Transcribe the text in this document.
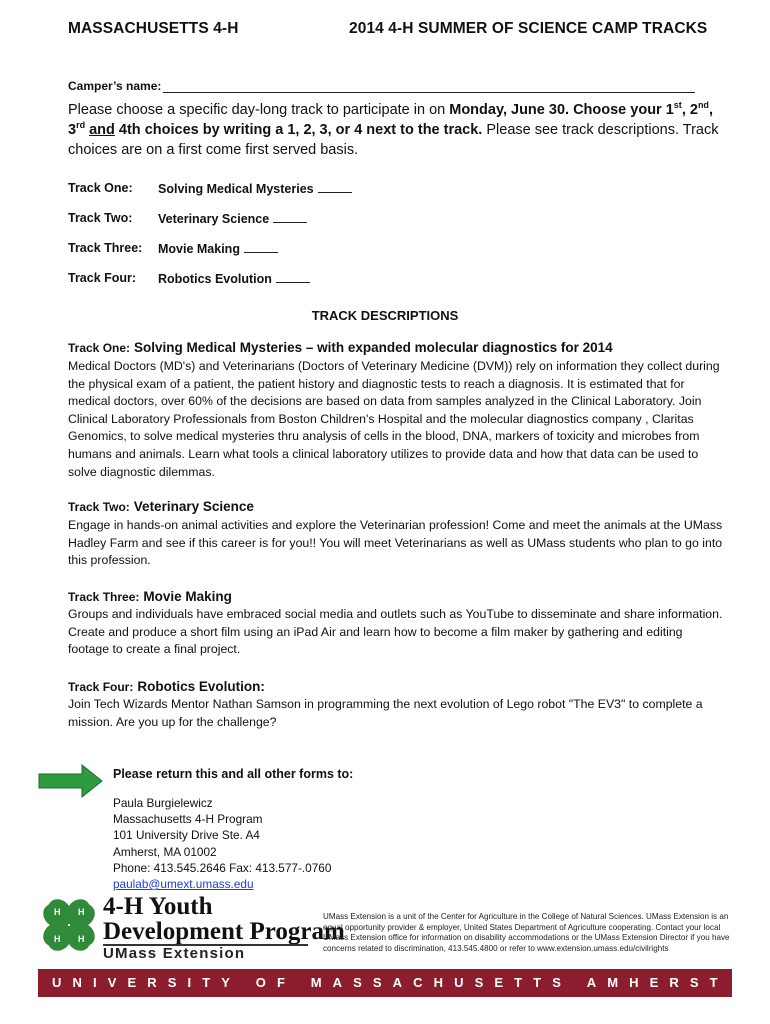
MASSACHUSETTS 4-H	2014 4-H SUMMER OF SCIENCE CAMP TRACKS
Camper’s name:
Please choose a specific day-long track to participate in on Monday, June 30. Choose your 1st, 2nd, 3rd and 4th choices by writing a 1, 2, 3, or 4 next to the track. Please see track descriptions. Track choices are on a first come first served basis.
Track One: Solving Medical Mysteries
Track Two: Veterinary Science
Track Three: Movie Making
Track Four: Robotics Evolution
TRACK DESCRIPTIONS
Track One: Solving Medical Mysteries – with expanded molecular diagnostics for 2014
Medical Doctors (MD's) and Veterinarians (Doctors of Veterinary Medicine (DVM)) rely on information they collect during the physical exam of a patient, the patient history and diagnostic tests to reach a diagnosis. It is estimated that for medical doctors, over 60% of the decisions are based on data from samples analyzed in the Clinical Laboratory. Join Clinical Laboratory Professionals from Boston Children's Hospital and the molecular diagnostics company , Claritas Genomics, to solve medical mysteries thru analysis of cells in the blood, DNA, markers of toxicity and microbes from humans and animals. Learn what tools a clinical laboratory utilizes to provide data and how that data can be used to solve diagnostic dilemmas.
Track Two: Veterinary Science
Engage in hands-on animal activities and explore the Veterinarian profession! Come and meet the animals at the UMass Hadley Farm and see if this career is for you!! You will meet Veterinarians as well as UMass students who plan to go into this profession.
Track Three: Movie Making
Groups and individuals have embraced social media and outlets such as YouTube to disseminate and share information. Create and produce a short film using an iPad Air and learn how to become a film maker by gathering and editing footage to create a final project.
Track Four: Robotics Evolution:
Join Tech Wizards Mentor Nathan Samson in programming the next evolution of Lego robot "The EV3" to complete a mission. Are you up for the challenge?
Please return this and all other forms to:
Paula Burgielewicz
Massachusetts 4-H Program
101 University Drive Ste. A4
Amherst, MA 01002
Phone: 413.545.2646 Fax: 413.577-.0760
paulab@umext.umass.edu
H H
H H
4-H Youth
Development Program
UMass Extension
UMass Extension is a unit of the Center for Agriculture in the College of Natural Sciences. UMass Extension is an equal opportunity provider & employer, United States Department of Agriculture cooperating. Contact your local UMass Extension office for information on disability accommodations or the UMass Extension Director if you have concerns related to discrimination, 413.545.4800 or refer to www.extension.umass.edu/civilrights
U N I V E R S I T Y
O F
M A S S A C H U S E T T S
A M H E R S T
